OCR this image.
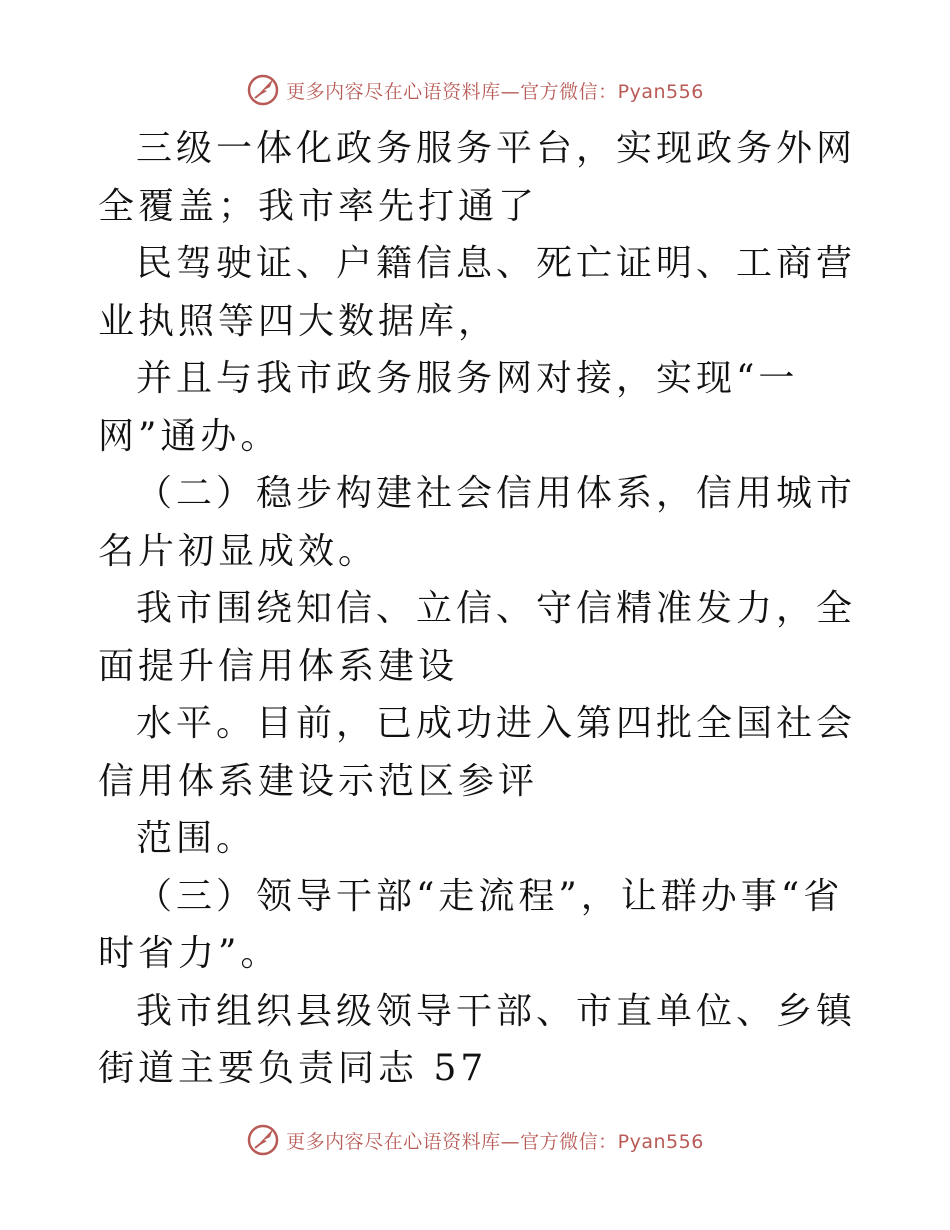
更多内容尽在心语资料库—官方微信：Pyan556

三级一体化政务服务平台，实现政务外网全覆盖；我市率先打通了

民驾驶证、户籍信息、死亡证明、工商营业执照等四大数据库，

并且与我市政务服务网对接，实现“一网”通办。

（二）稳步构建社会信用体系，信用城市名片初显成效。

我市围绕知信、立信、守信精准发力，全面提升信用体系建设

水平。目前，已成功进入第四批全国社会信用体系建设示范区参评

范围。

（三）领导干部“走流程”，让群办事“省时省力”。

我市组织县级领导干部、市直单位、乡镇街道主要负责同志 57

更多内容尽在心语资料库—官方微信：Pyan556
